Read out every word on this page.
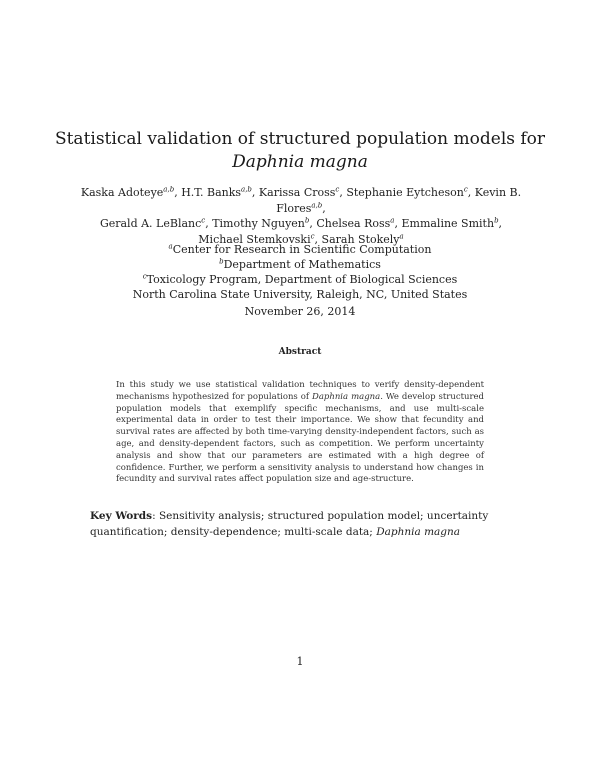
Statistical validation of structured population models for
Daphnia magna
Kaska Adoteye$^{a,b}$, H.T. Banks$^{a,b}$, Karissa Cross$^c$, Stephanie Eytcheson$^c$, Kevin B. Flores$^{a,b}$,
Gerald A. LeBlanc$^c$, Timothy Nguyen$^b$, Chelsea Ross$^a$, Emmaline Smith$^b$,
Michael Stemkovski$^c$, Sarah Stokely$^a$
$^a$Center for Research in Scientific Computation
$^b$Department of Mathematics
$^c$Toxicology Program, Department of Biological Sciences
North Carolina State University, Raleigh, NC, United States
November 26, 2014
Abstract
In this study we use statistical validation techniques to verify density-dependent mechanisms hypothesized for populations of Daphnia magna. We develop structured population models that exemplify specific mechanisms, and use multi-scale experimental data in order to test their importance. We show that fecundity and survival rates are affected by both time-varying density-independent factors, such as age, and density-dependent factors, such as competition. We perform uncertainty analysis and show that our parameters are estimated with a high degree of confidence. Further, we perform a sensitivity analysis to understand how changes in fecundity and survival rates affect population size and age-structure.
Key Words: Sensitivity analysis; structured population model; uncertainty quantification; density-dependence; multi-scale data; Daphnia magna
1
